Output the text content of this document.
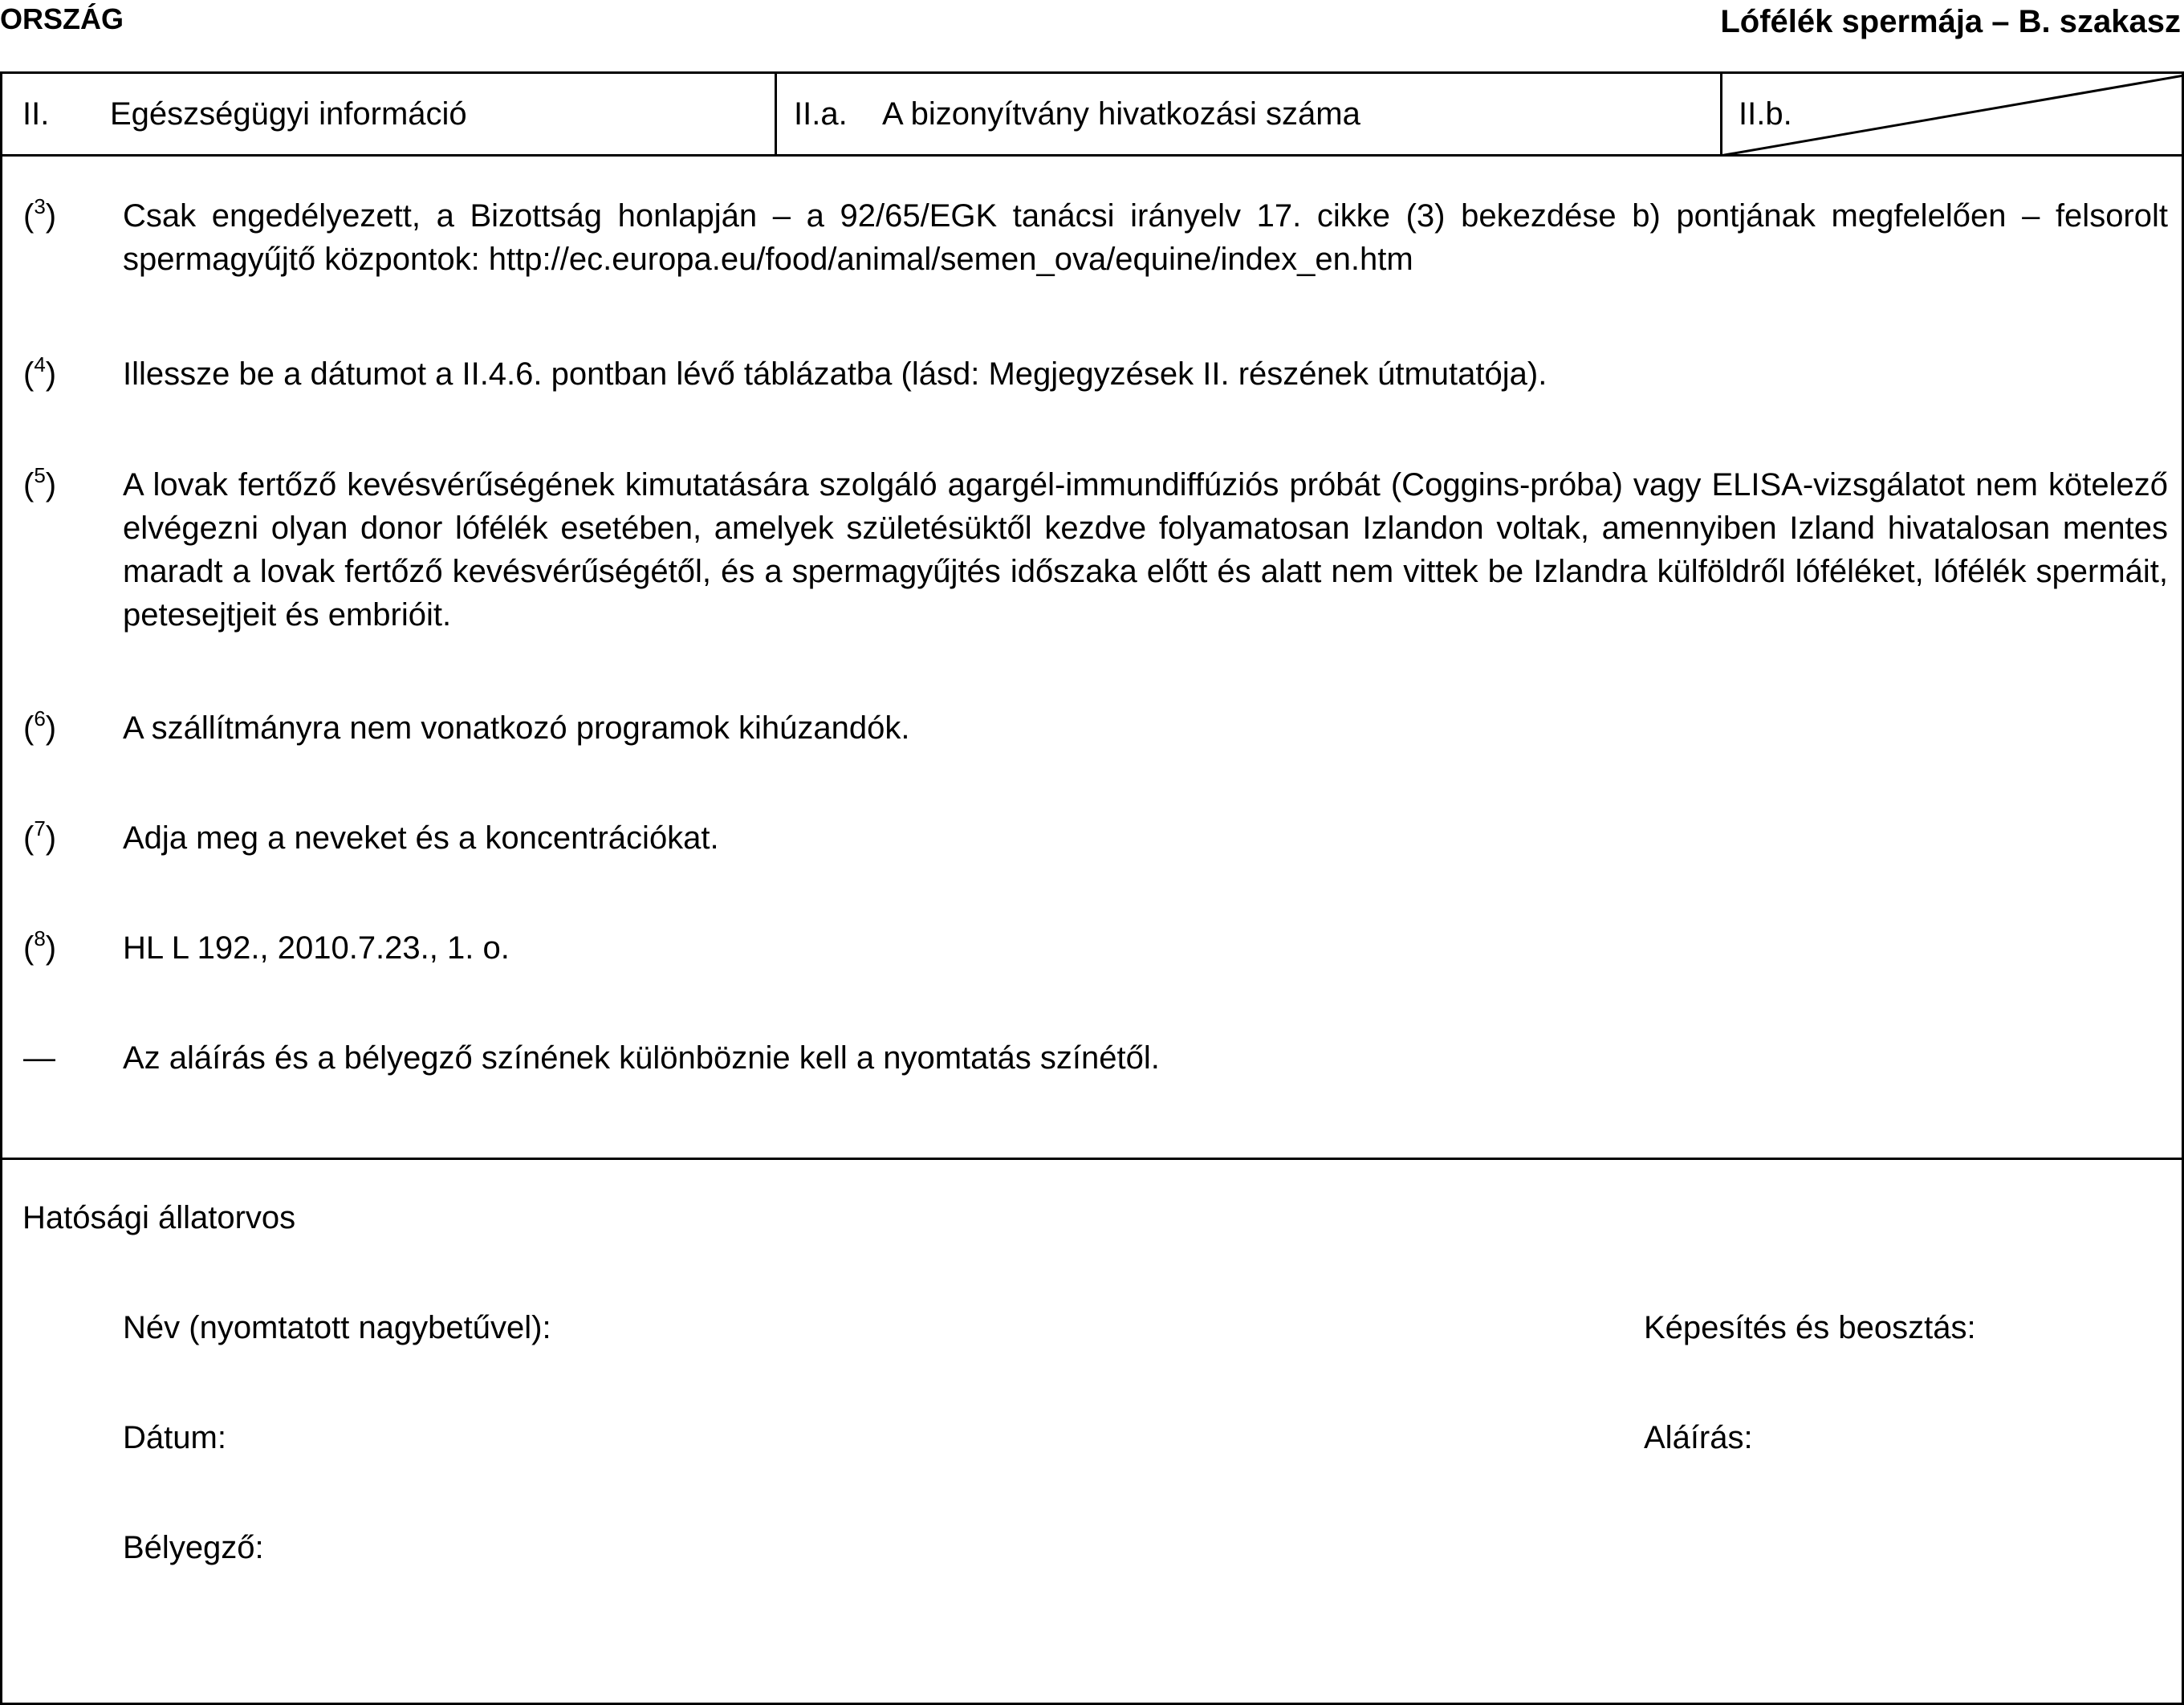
ORSZÁG	Lófélék spermája – B. szakasz
II. Egészségügyi információ	II.a. A bizonyítvány hivatkozási száma	II.b.
($^3$) Csak engedélyezett, a Bizottság honlapján – a 92/65/EGK tanácsi irányelv 17. cikke (3) bekezdése b) pontjának megfelelően – felsorolt spermagyűjtő központok: http://ec.europa.eu/food/animal/semen_ova/equine/index_en.htm
($^4$) Illessze be a dátumot a II.4.6. pontban lévő táblázatba (lásd: Megjegyzések II. részének útmutatója).
($^5$) A lovak fertőző kevésvérűségének kimutatására szolgáló agargél-immundiffúziós próbát (Coggins-próba) vagy ELISA-vizsgálatot nem kötelező elvégezni olyan donor lófélék esetében, amelyek születésüktől kezdve folyamatosan Izlandon voltak, amennyiben Izland hivatalosan mentes maradt a lovak fertőző kevésvérűségétől, és a spermagyűjtés időszaka előtt és alatt nem vittek be Izlandra külföldről lóféléket, lófélék spermáit, petesejtjeit és embrióit.
($^6$) A szállítmányra nem vonatkozó programok kihúzandók.
($^7$) Adja meg a neveket és a koncentrációkat.
($^8$) HL L 192., 2010.7.23., 1. o.
— Az aláírás és a bélyegző színének különböznie kell a nyomtatás színétől.
Hatósági állatorvos
Név (nyomtatott nagybetűvel):	Képesítés és beosztás:
Dátum:	Aláírás:
Bélyegző:
